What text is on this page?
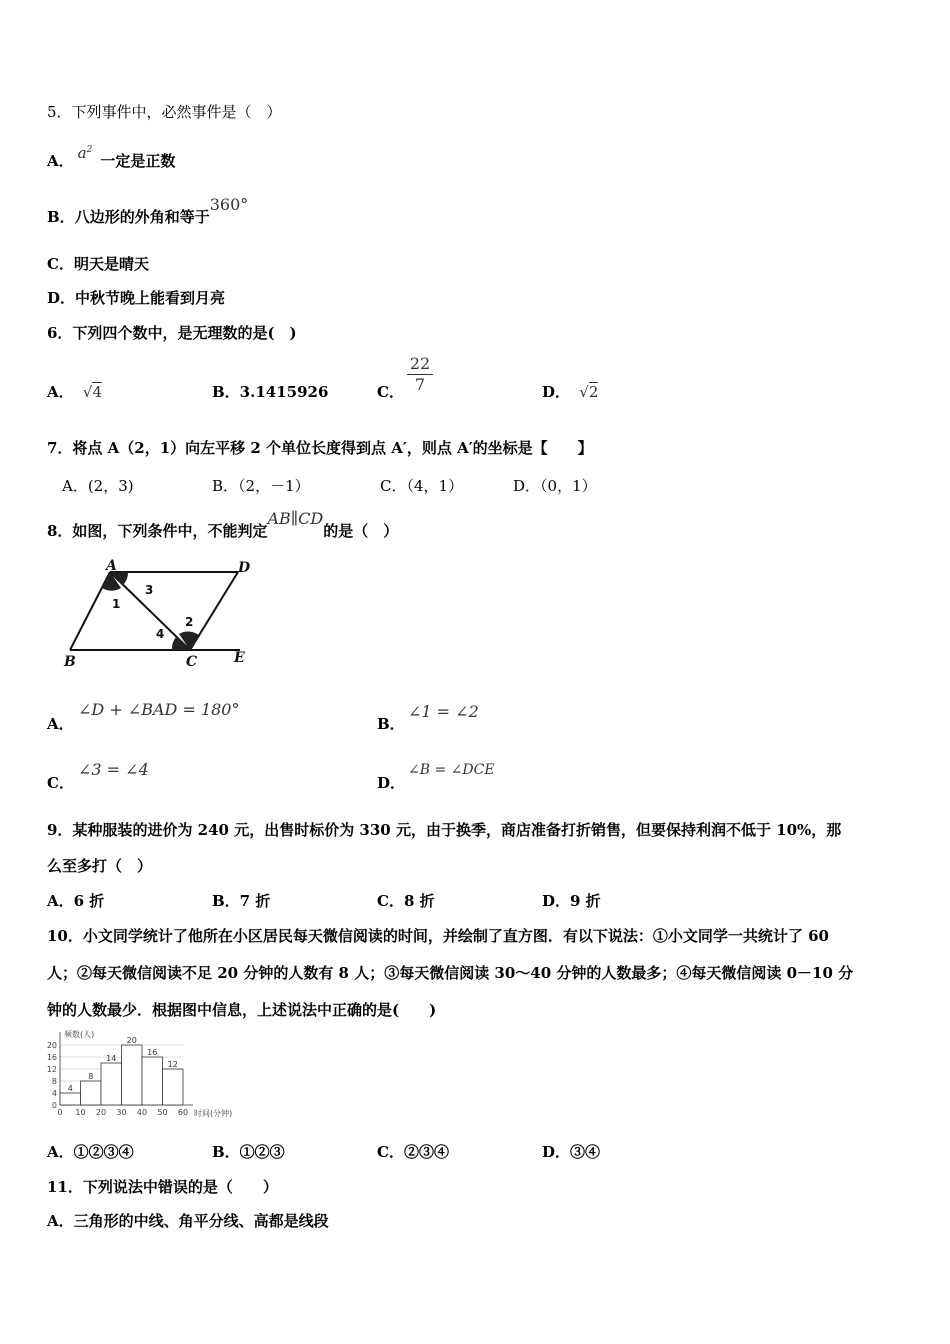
5．下列事件中，必然事件是（　）
A． $a^2$一定是正数
B．八边形的外角和等于360°
C．明天是晴天
D．中秋节晚上能看到月亮
6．下列四个数中，是无理数的是(　)
A． √4	B．3.1415926	C．
22
7	D． √2
7．将点 A（2，1）向左平移 2 个单位长度得到点 A′，则点 A′的坐标是【　　】
A．(2，3)	B．（2，－1）	C．（4，1）	D．（0，1）
8．如图，下列条件中，不能判定AB∥CD的是（　）
A	D
B	C	E
1
2
3
4
A．
∠D + ∠BAD = 180°
B．
∠1 = ∠2
C．
∠3 = ∠4
D．
∠B = ∠DCE
9．某种服装的进价为 240 元，出售时标价为 330 元，由于换季，商店准备打折销售，但要保持利润不低于 10%，那
么至多打（　）
A．6 折	B．7 折	C．8 折	D．9 折
10．小文同学统计了他所在小区居民每天微信阅读的时间，并绘制了直方图．有以下说法：①小文同学一共统计了 60
人；②每天微信阅读不足 20 分钟的人数有 8 人；③每天微信阅读 30～40 分钟的人数最多；④每天微信阅读 0－10 分
钟的人数最少．根据图中信息，上述说法中正确的是(　　)
0
4
8
12
16
20
4
8
14
20
16
12
0 10 20 30 40 50 60
频数(人)
时间(分钟)
A．①②③④	B．①②③	C．②③④	D．③④
11．下列说法中错误的是（　　）
A．三角形的中线、角平分线、高都是线段
